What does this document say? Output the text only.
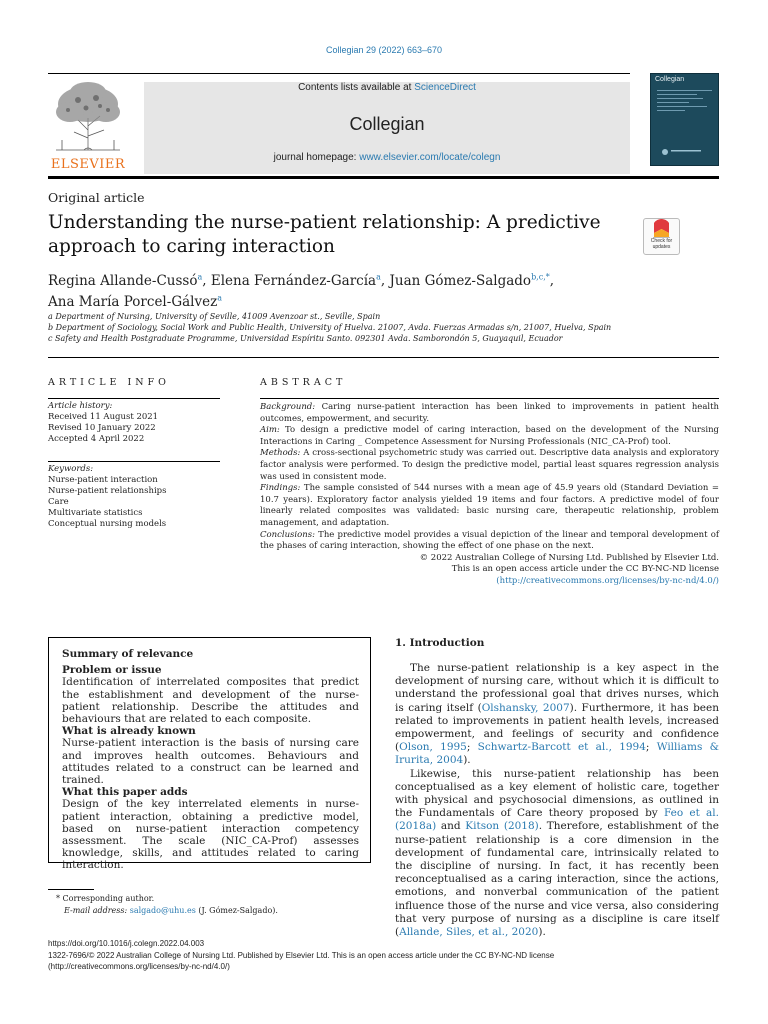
Collegian 29 (2022) 663–670
ELSEVIER
Contents lists available at ScienceDirect
Collegian
journal homepage: www.elsevier.com/locate/colegn
Collegian
Original article
Understanding the nurse-patient relationship: A predictive approach to caring interaction	Check for updates
Regina Allande-Cussó$^a$, Elena Fernández-García$^a$, Juan Gómez-Salgado$^{b,c,*}$,
Ana María Porcel-Gálvez$^a$
a Department of Nursing, University of Seville, 41009 Avenzoar st., Seville, Spain
b Department of Sociology, Social Work and Public Health, University of Huelva. 21007, Avda. Fuerzas Armadas s/n, 21007, Huelva, Spain
c Safety and Health Postgraduate Programme, Universidad Espíritu Santo. 092301 Avda. Samborondón 5, Guayaquil, Ecuador
ARTICLE INFO
Article history:
Received 11 August 2021
Revised 10 January 2022
Accepted 4 April 2022
Keywords:
Nurse-patient interaction
Nurse-patient relationships
Care
Multivariate statistics
Conceptual nursing models
ABSTRACT

Background: Caring nurse-patient interaction has been linked to improvements in patient health outcomes, empowerment, and security.

Aim: To design a predictive model of caring interaction, based on the development of the Nursing Interactions in Caring _ Competence Assessment for Nursing Professionals (NIC_CA-Prof) tool.

Methods: A cross-sectional psychometric study was carried out. Descriptive data analysis and exploratory factor analysis were performed. To design the predictive model, partial least squares regression analysis was used in consistent mode.

Findings: The sample consisted of 544 nurses with a mean age of 45.9 years old (Standard Deviation = 10.7 years). Exploratory factor analysis yielded 19 items and four factors. A predictive model of four linearly related composites was validated: basic nursing care, therapeutic relationship, problem management, and adaptation.

Conclusions: The predictive model provides a visual depiction of the linear and temporal development of the phases of caring interaction, showing the effect of one phase on the next.

© 2022 Australian College of Nursing Ltd. Published by Elsevier Ltd.

This is an open access article under the CC BY-NC-ND license

(http://creativecommons.org/licenses/by-nc-nd/4.0/)

Summary of relevance
Problem or issue

Identification of interrelated composites that predict the establishment and development of the nurse-patient relationship. Describe the attitudes and behaviours that are related to each composite.

What is already known

Nurse-patient interaction is the basis of nursing care and improves health outcomes. Behaviours and attitudes related to a construct can be learned and trained.

What this paper adds

Design of the key interrelated elements in nurse-patient interaction, obtaining a predictive model, based on nurse-patient interaction competency assessment. The scale (NIC_CA-Prof) assesses knowledge, skills, and attitudes related to caring interaction.

1. Introduction

The nurse-patient relationship is a key aspect in the development of nursing care, without which it is difficult to understand the professional goal that drives nurses, which is caring itself (Olshansky, 2007). Furthermore, it has been related to improvements in patient health levels, increased empowerment, and feelings of security and confidence (Olson, 1995; Schwartz-Barcott et al., 1994; Williams & Irurita, 2004).

Likewise, this nurse-patient relationship has been conceptualised as a key element of holistic care, together with physical and psychosocial dimensions, as outlined in the Fundamentals of Care theory proposed by Feo et al. (2018a) and Kitson (2018). Therefore, establishment of the nurse-patient relationship is a core dimension in the development of fundamental care, intrinsically related to the discipline of nursing. In fact, it has recently been reconceptualised as a caring interaction, since the actions, emotions, and nonverbal communication of the patient influence those of the nurse and vice versa, also considering that very purpose of nursing as a discipline is care itself (Allande, Siles, et al., 2020).

* Corresponding author.
E-mail address: salgado@uhu.es (J. Gómez-Salgado).
https://doi.org/10.1016/j.colegn.2022.04.003
1322-7696/© 2022 Australian College of Nursing Ltd. Published by Elsevier Ltd. This is an open access article under the CC BY-NC-ND license
(http://creativecommons.org/licenses/by-nc-nd/4.0/)
